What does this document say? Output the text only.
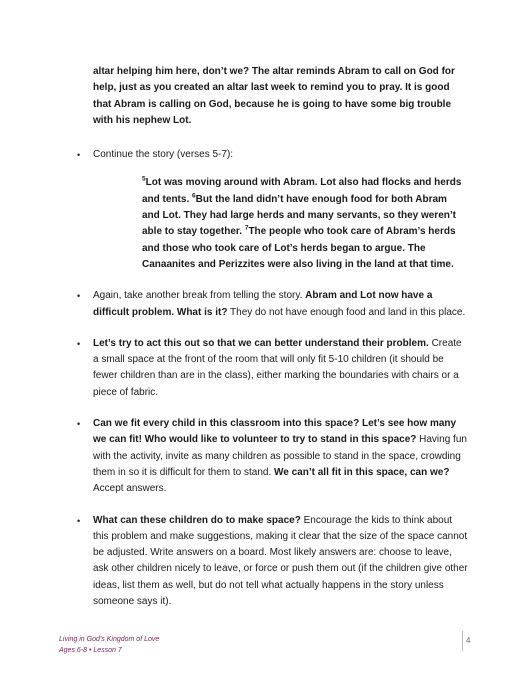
altar helping him here, don’t we? The altar reminds Abram to call on God for help, just as you created an altar last week to remind you to pray. It is good that Abram is calling on God, because he is going to have some big trouble with his nephew Lot.

• Continue the story (verses 5-7):
$^5$Lot was moving around with Abram. Lot also had flocks and herds and tents. $^6$But the land didn’t have enough food for both Abram and Lot. They had large herds and many servants, so they weren’t able to stay together. $^7$The people who took care of Abram’s herds and those who took care of Lot’s herds began to argue. The Canaanites and Perizzites were also living in the land at that time.
• Again, take another break from telling the story. Abram and Lot now have a difficult problem. What is it? They do not have enough food and land in this place.
• Let’s try to act this out so that we can better understand their problem. Create a small space at the front of the room that will only fit 5-10 children (it should be fewer children than are in the class), either marking the boundaries with chairs or a piece of fabric.
• Can we fit every child in this classroom into this space? Let’s see how many we can fit! Who would like to volunteer to try to stand in this space? Having fun with the activity, invite as many children as possible to stand in the space, crowding them in so it is difficult for them to stand. We can’t all fit in this space, can we? Accept answers.
• What can these children do to make space? Encourage the kids to think about this problem and make suggestions, making it clear that the size of the space cannot be adjusted. Write answers on a board. Most likely answers are: choose to leave, ask other children nicely to leave, or force or push them out (if the children give other ideas, list them as well, but do not tell what actually happens in the story unless someone says it).
Living in God’s Kingdom of Love
Ages 6-8 • Lesson 7
4
